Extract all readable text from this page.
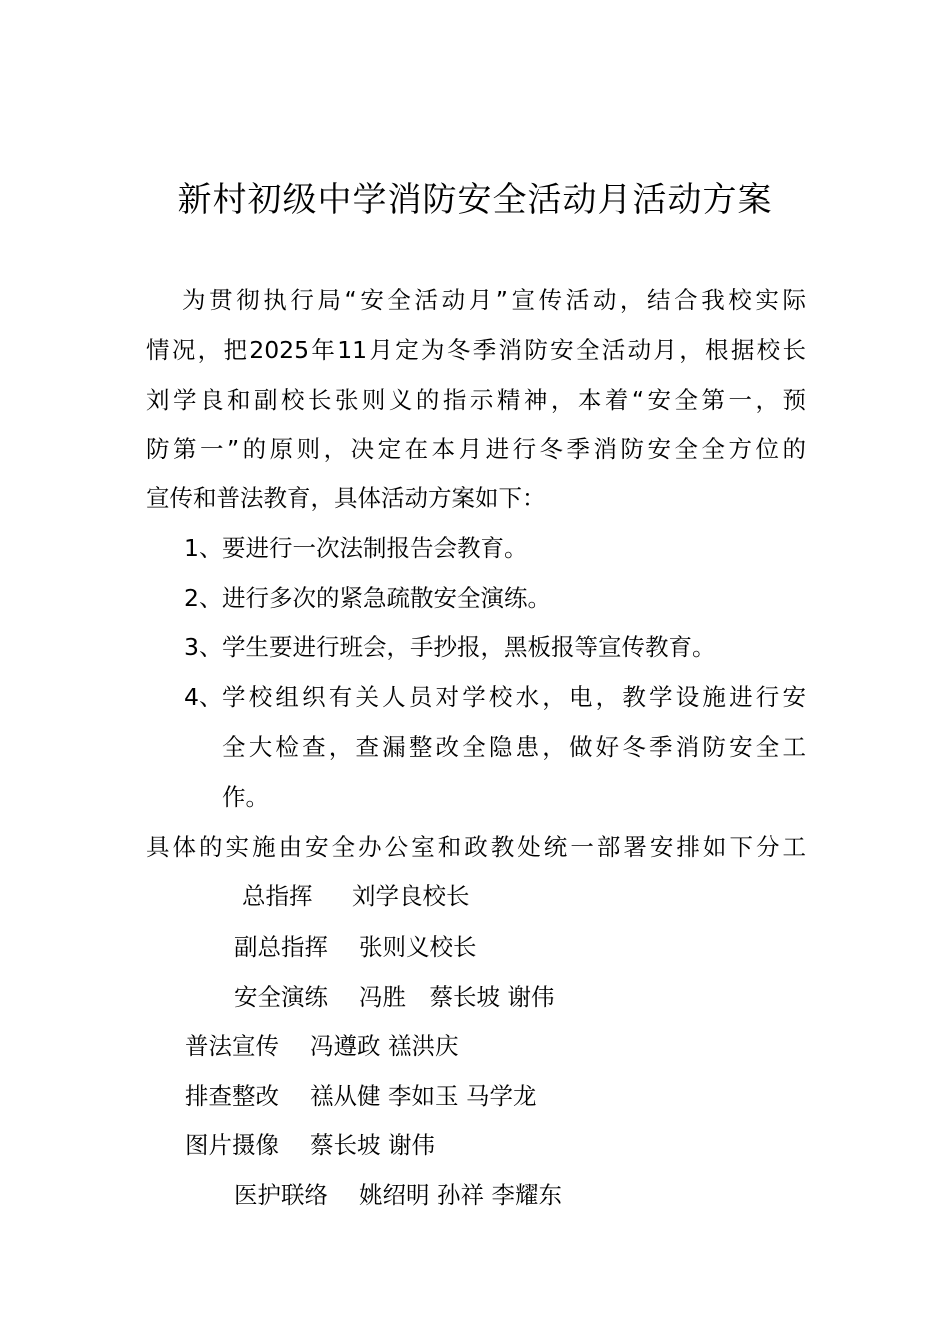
新村初级中学消防安全活动月活动方案
为贯彻执行局“安全活动月”宣传活动，结合我校实际
情况，把2025年11月定为冬季消防安全活动月，根据校长
刘学良和副校长张则义的指示精神，本着“安全第一，预
防第一”的原则，决定在本月进行冬季消防安全全方位的
宣传和普法教育，具体活动方案如下：
1、 要进行一次法制报告会教育。
2、 进行多次的紧急疏散安全演练。
3、 学生要进行班会，手抄报，黑板报等宣传教育。
4、 学校组织有关人员对学校水，电，教学设施进行安
全大检查，查漏整改全隐患，做好冬季消防安全工
作。
具体的实施由安全办公室和政教处统一部署安排如下分工
总指挥 刘学良校长
副总指挥 张则义校长
安全演练 冯胜　蔡长坡 谢伟
普法宣传 冯遵政 禚洪庆
排查整改 禚从健 李如玉 马学龙
图片摄像 蔡长坡 谢伟
医护联络 姚绍明 孙祥 李耀东
